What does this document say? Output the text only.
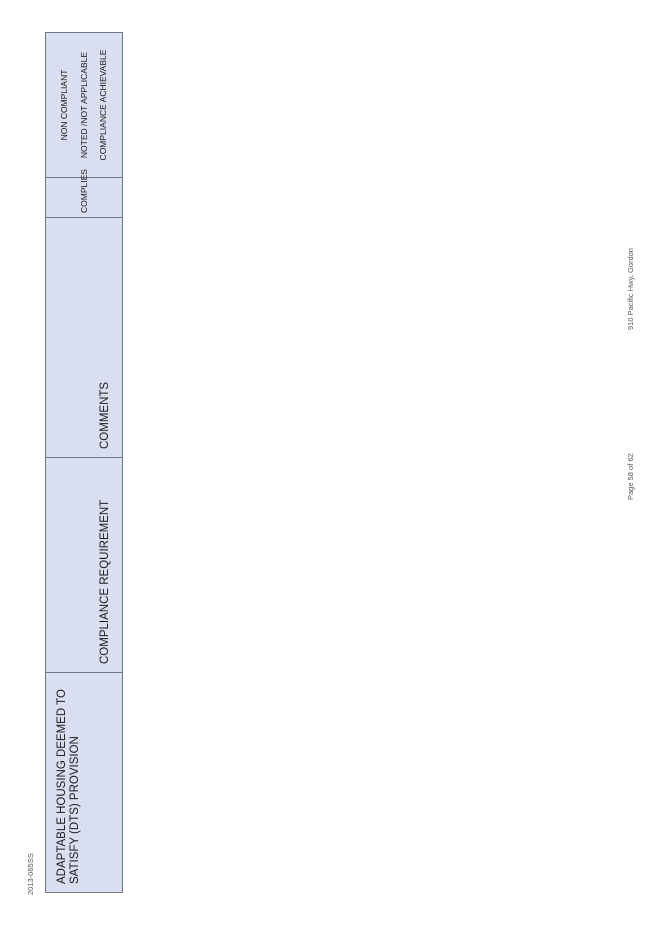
ADAPTABLE HOUSING DEEMED TO SATISFY (DTS) PROVISION	COMPLIANCE REQUIREMENT	COMMENTS	COMPLIES	
NON COMPLIANT NOTED /NOT APPLICABLE COMPLIANCE ACHIEVABLE
2013-065SS
Page 58 of 62
910 Pacific Hwy, Gordon
